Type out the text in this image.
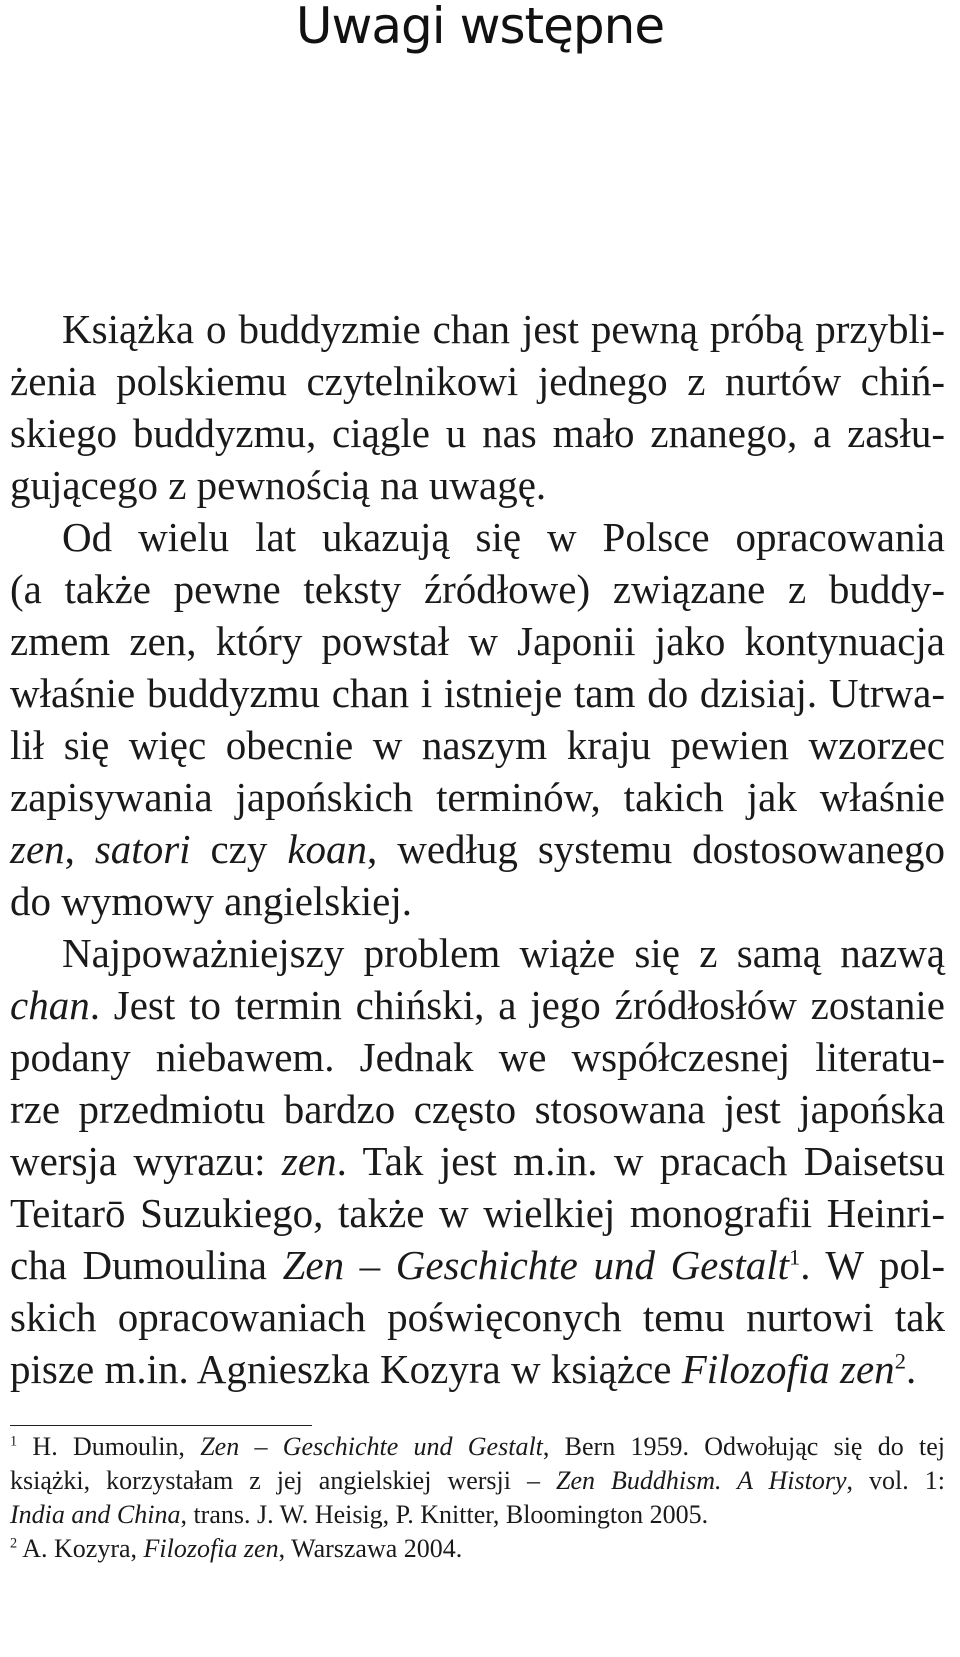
Uwagi wstępne
Książka o buddyzmie chan jest pewną próbą przybli-
żenia polskiemu czytelnikowi jednego z nurtów chiń-
skiego buddyzmu, ciągle u nas mało znanego, a zasłu-
gującego z pewnością na uwagę.
Od wielu lat ukazują się w Polsce opracowania
(a także pewne teksty źródłowe) związane z buddy-
zmem zen, który powstał w Japonii jako kontynuacja
właśnie buddyzmu chan i istnieje tam do dzisiaj. Utrwa-
lił się więc obecnie w naszym kraju pewien wzorzec
zapisywania japońskich terminów, takich jak właśnie
zen, satori czy koan, według systemu dostosowanego
do wymowy angielskiej.
Najpoważniejszy problem wiąże się z samą nazwą
chan. Jest to termin chiński, a jego źródłosłów zostanie
podany niebawem. Jednak we współczesnej literatu-
rze przedmiotu bardzo często stosowana jest japońska
wersja wyrazu: zen. Tak jest m.in. w pracach Daisetsu
Teitarō Suzukiego, także w wielkiej monografii Heinri-
cha Dumoulina Zen – Geschichte und Gestalt$^1$. W pol-
skich opracowaniach poświęconych temu nurtowi tak
pisze m.in. Agnieszka Kozyra w książce Filozofia zen$^2$.
$^1$ H. Dumoulin, Zen – Geschichte und Gestalt, Bern 1959. Odwołując się do tej
książki, korzystałam z jej angielskiej wersji – Zen Buddhism. A History, vol. 1:
India and China, trans. J. W. Heisig, P. Knitter, Bloomington 2005.
$^2$ A. Kozyra, Filozofia zen, Warszawa 2004.
